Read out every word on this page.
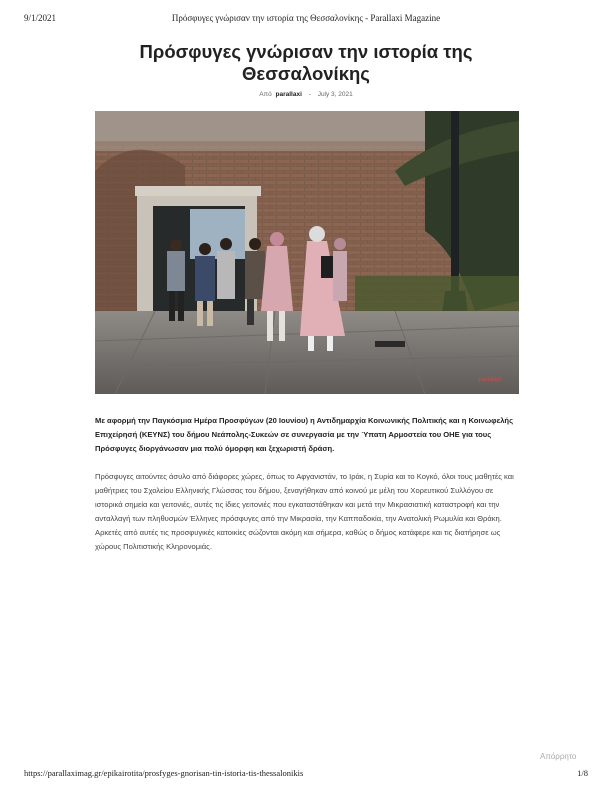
9/1/2021	Πρόσφυγες γνώρισαν την ιστορία της Θεσσαλονίκης - Parallaxi Magazine
Πρόσφυγες γνώρισαν την ιστορία της Θεσσαλονίκης
Από parallaxi - July 3, 2021
parallaxi

Με αφορμή την Παγκόσμια Ημέρα Προσφύγων (20 Ιουνίου) η Αντιδημαρχία Κοινωνικής Πολιτικής και η Κοινωφελής Επιχείρησή (ΚΕΥΝΣ) του δήμου Νεάπολης-Συκεών σε συνεργασία με την Ύπατη Αρμοστεία του ΟΗΕ για τους Πρόσφυγες διοργάνωσαν μια πολύ όμορφη και ξεχωριστή δράση.

Πρόσφυγες αιτούντες άσυλο από διάφορες χώρες, όπως το Αφγανιστάν, το Ιράκ, η Συρία και το Κογκό, όλοι τους μαθητές και μαθήτριες του Σχολείου Ελληνικής Γλώσσας του δήμου, ξεναγήθηκαν από κοινού με μέλη του Χορευτικού Συλλόγου σε ιστορικά σημεία και γειτονιές, αυτές τις ίδιες γειτονιές που εγκαταστάθηκαν και μετά την Μικρασιατική καταστροφή και την ανταλλαγή των πληθυσμών Έλληνες πρόσφυγες από την Μικρασία, την Καππαδοκία, την Ανατολική Ρωμυλία και Θράκη. Αρκετές από αυτές τις προσφυγικές κατοικίες σώζονται ακόμη και σήμερα, καθώς ο δήμος κατάφερε και τις διατήρησε ως χώρους Πολιτιστικής Κληρονομιάς.

Απόρρητο
https://parallaximag.gr/epikairotita/prosfyges-gnorisan-tin-istoria-tis-thessalonikis	1/8
